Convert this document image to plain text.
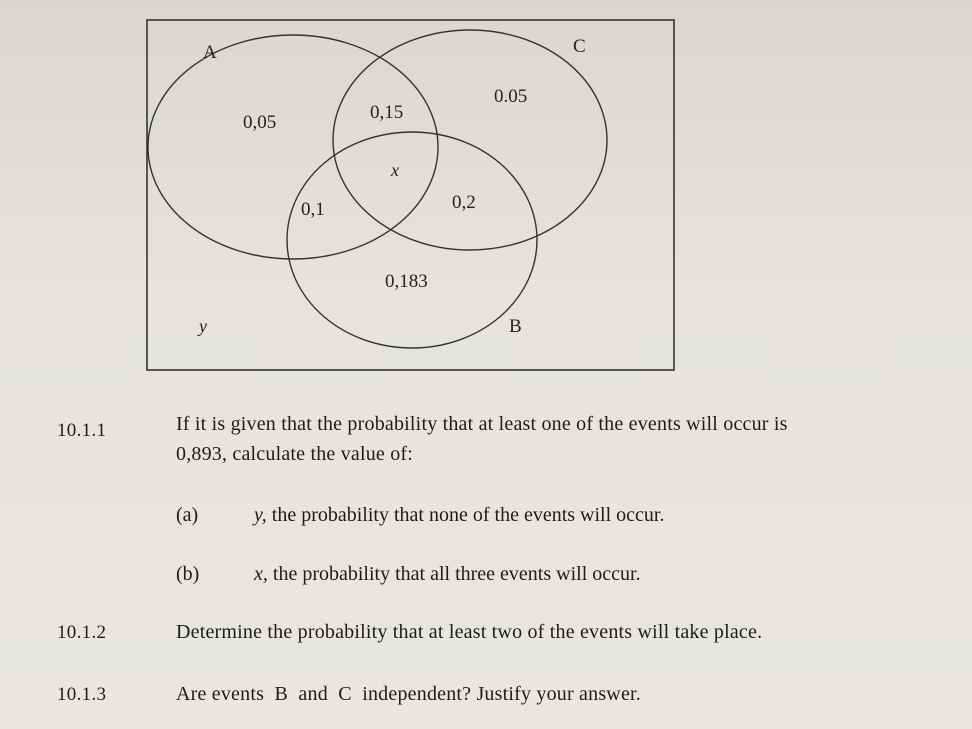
A	C
B
0,05	0,15
0.05
x
0,1	0,2
0,183
y
10.1.1	If it is given that the probability that at least one of the events will occur is
0,893, calculate the value of:
(a)	y, the probability that none of the events will occur.
(b)	x, the probability that all three events will occur.
10.1.2	Determine the probability that at least two of the events will take place.
10.1.3	Are events  B  and  C  independent? Justify your answer.
